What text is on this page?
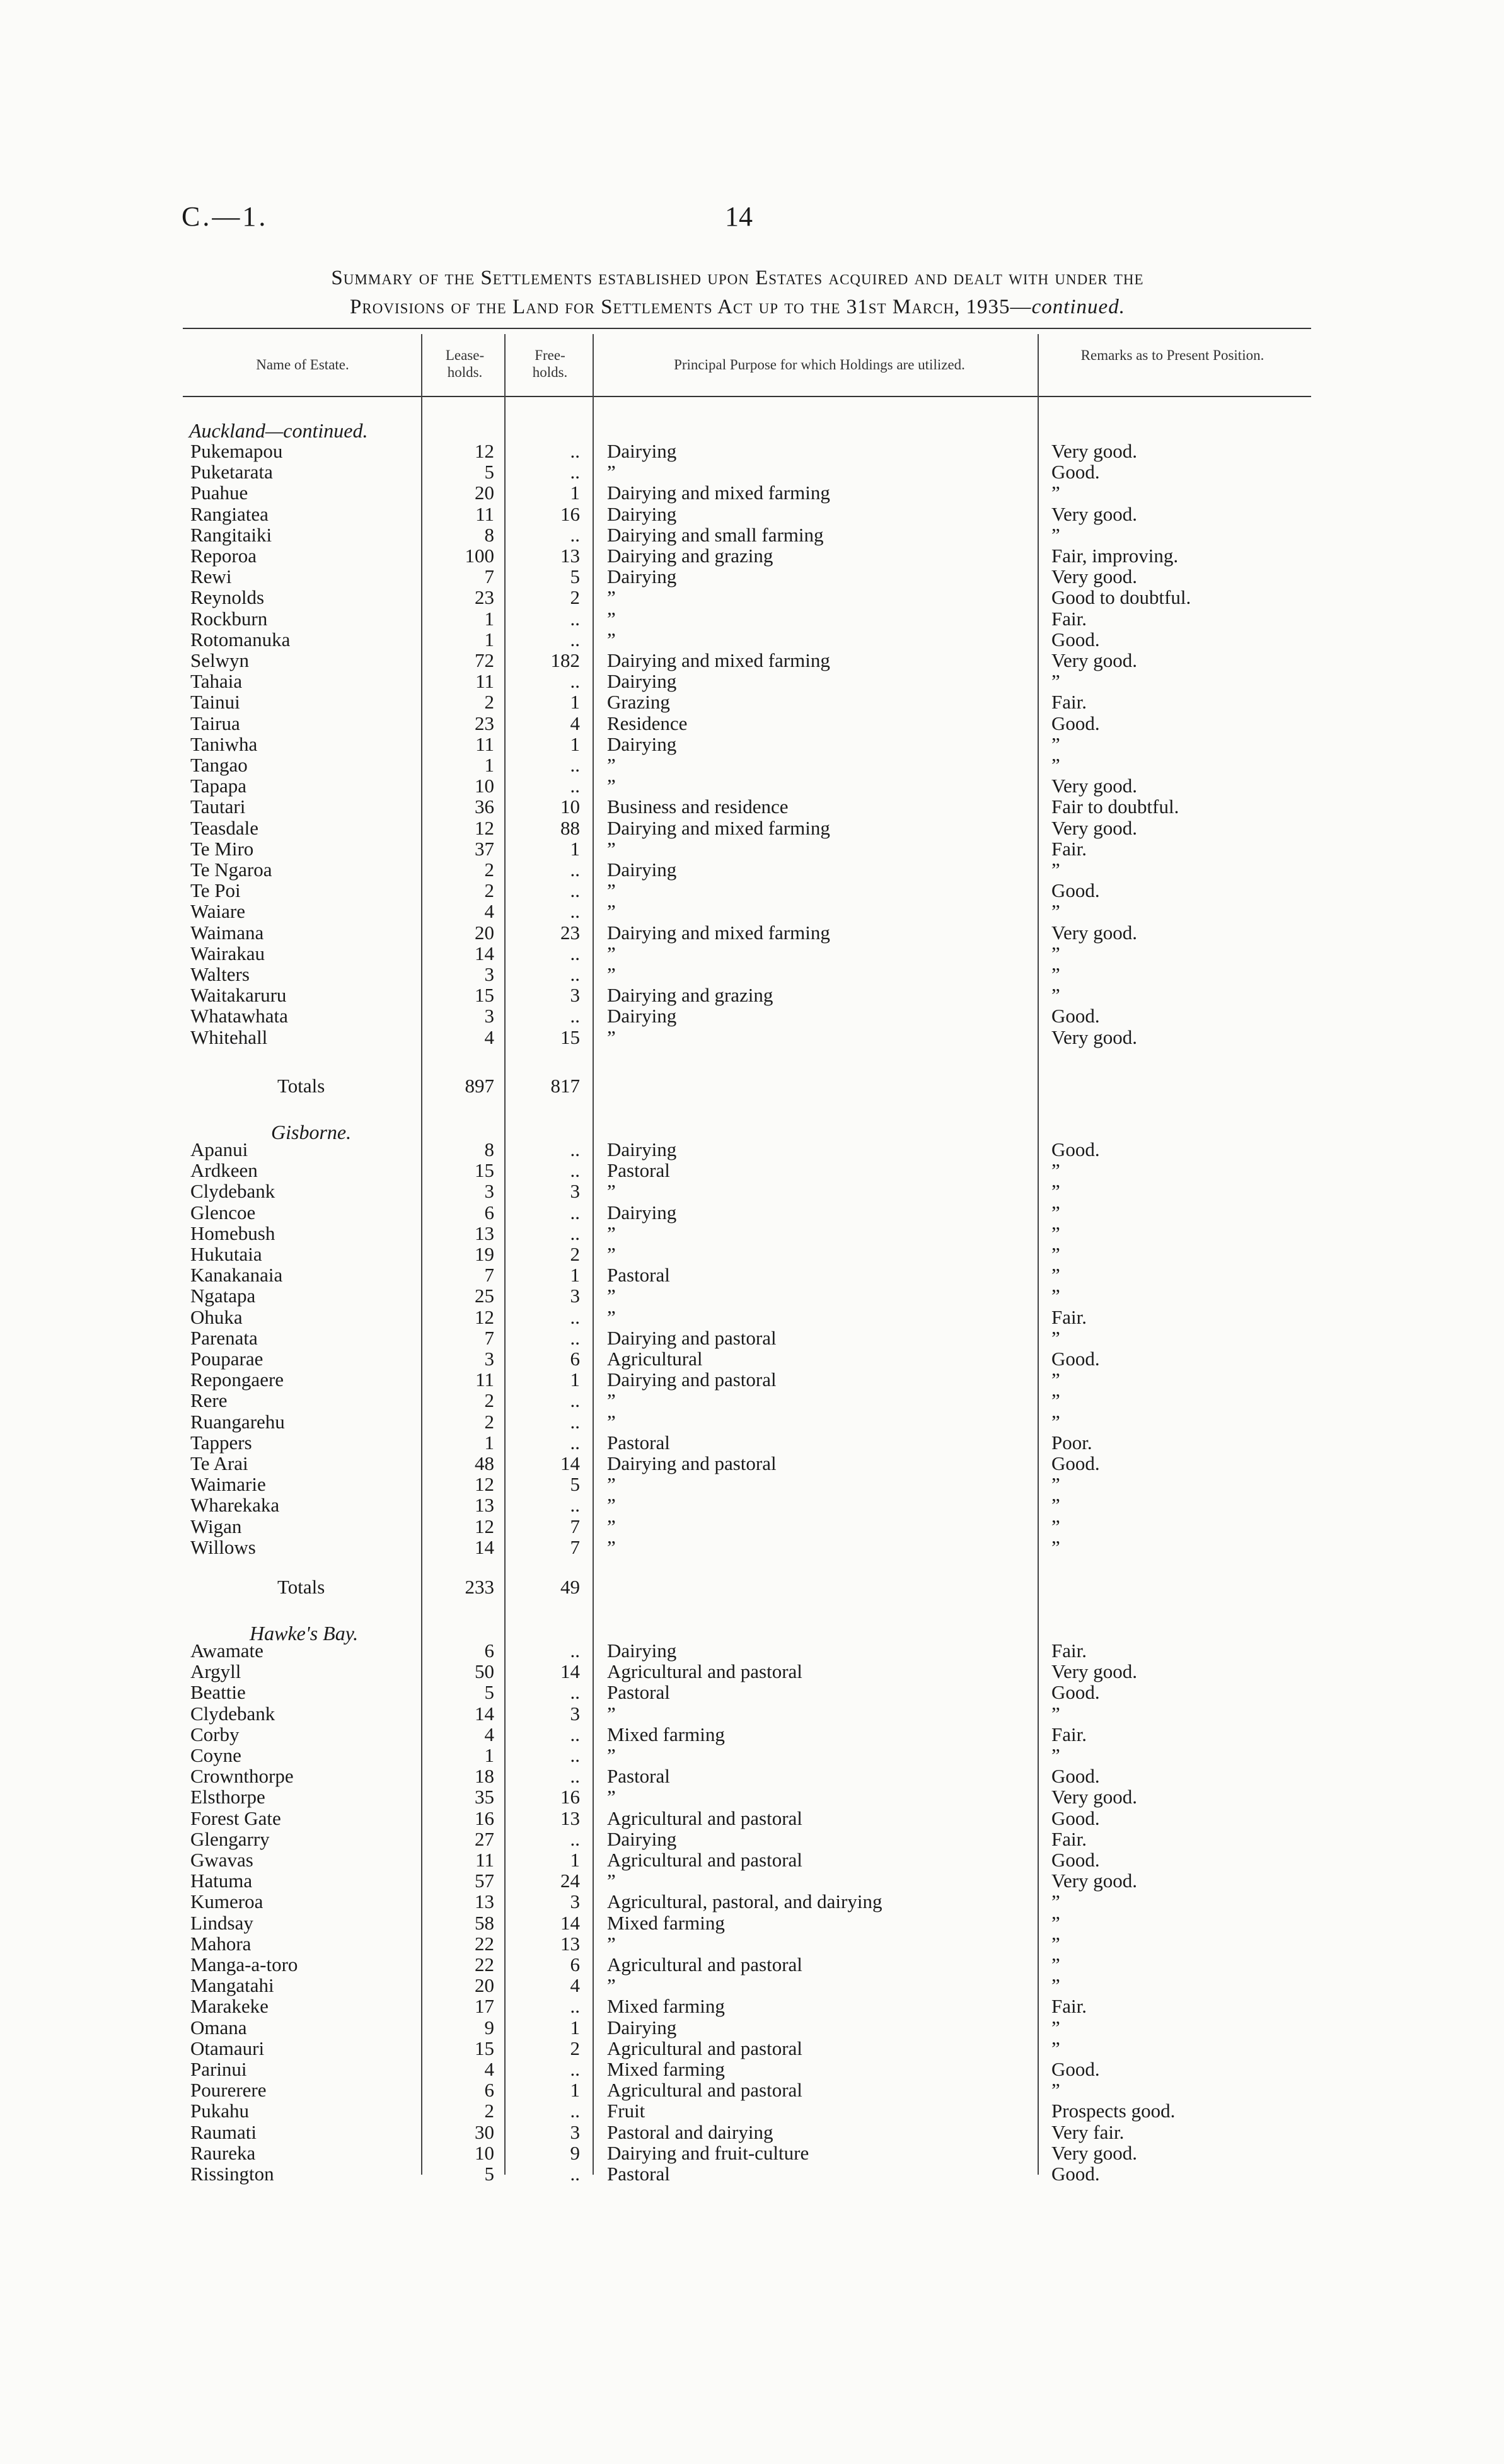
C.—1.	14
Summary of the Settlements established upon Estates acquired and dealt with under the
Provisions of the Land for Settlements Act up to the 31st March, 1935—continued.
Name of Estate.
Lease-holds.
Free-holds.	Principal Purpose for which Holdings are utilized.
Remarks as to Present Position.
Auckland—continued.
Pukemapou	12	.. Dairying	Very good.
Puketarata	5	.. ”	Good.
Puahue	20	1 Dairying and mixed farming	”
Rangiatea	11	16 Dairying	Very good.
Rangitaiki	8	.. Dairying and small farming	”
Reporoa	100	13 Dairying and grazing	Fair, improving.
Rewi	7	5 Dairying	Very good.
Reynolds	23	2 ”	Good to doubtful.
Rockburn	1	.. ”	Fair.
Rotomanuka	1	.. ”	Good.
Selwyn	72	182 Dairying and mixed farming	Very good.
Tahaia	11	.. Dairying	”
Tainui	2	1 Grazing	Fair.
Tairua	23	4 Residence	Good.
Taniwha	11	1 Dairying	”
Tangao	1	.. ”	”
Tapapa	10	.. ”	Very good.
Tautari	36	10 Business and residence	Fair to doubtful.
Teasdale	12	88 Dairying and mixed farming	Very good.
Te Miro	37	1 ”	Fair.
Te Ngaroa	2	.. Dairying	”
Te Poi	2	.. ”	Good.
Waiare	4	.. ”	”
Waimana	20	23 Dairying and mixed farming	Very good.
Wairakau	14	.. ”	”
Walters	3	.. ”	”
Waitakaruru	15	3 Dairying and grazing	”
Whatawhata	3	.. Dairying	Good.
Whitehall	4	15 ”	Very good.
Totals	897	817
Gisborne.
Apanui	8	.. Dairying	Good.
Ardkeen	15	.. Pastoral	”
Clydebank	3	3 ”	”
Glencoe	6	.. Dairying	”
Homebush	13	.. ”	”
Hukutaia	19	2 ”	”
Kanakanaia	7	1 Pastoral	”
Ngatapa	25	3 ”	”
Ohuka	12	.. ”	Fair.
Parenata	7	.. Dairying and pastoral	”
Pouparae	3	6 Agricultural	Good.
Repongaere	11	1 Dairying and pastoral	”
Rere	2	.. ”	”
Ruangarehu	2	.. ”	”
Tappers	1	.. Pastoral	Poor.
Te Arai	48	14 Dairying and pastoral	Good.
Waimarie	12	5 ”	”
Wharekaka	13	.. ”	”
Wigan	12	7 ”	”
Willows	14	7 ”	”
Totals	233	49
Hawke's Bay.
Awamate	6	.. Dairying	Fair.
Argyll	50	14 Agricultural and pastoral	Very good.
Beattie	5	.. Pastoral	Good.
Clydebank	14	3 ”	”
Corby	4	.. Mixed farming	Fair.
Coyne	1	.. ”	”
Crownthorpe	18	.. Pastoral	Good.
Elsthorpe	35	16 ”	Very good.
Forest Gate	16	13 Agricultural and pastoral	Good.
Glengarry	27	.. Dairying	Fair.
Gwavas	11	1 Agricultural and pastoral	Good.
Hatuma	57	24 ”	Very good.
Kumeroa	13	3 Agricultural, pastoral, and dairying	”
Lindsay	58	14 Mixed farming	”
Mahora	22	13 ”	”
Manga-a-toro	22	6 Agricultural and pastoral	”
Mangatahi	20	4 ”	”
Marakeke	17	.. Mixed farming	Fair.
Omana	9	1 Dairying	”
Otamauri	15	2 Agricultural and pastoral	”
Parinui	4	.. Mixed farming	Good.
Pourerere	6	1 Agricultural and pastoral	”
Pukahu	2	.. Fruit	Prospects good.
Raumati	30	3 Pastoral and dairying	Very fair.
Raureka	10	9 Dairying and fruit-culture	Very good.
Rissington	5	.. Pastoral	Good.
